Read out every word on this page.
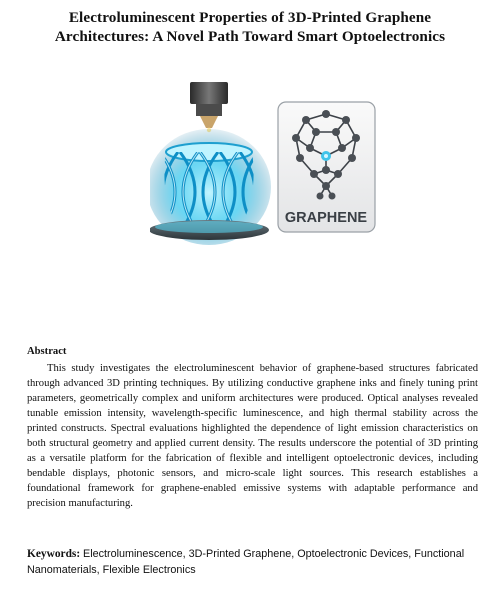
Electroluminescent Properties of 3D-Printed Graphene
Architectures: A Novel Path Toward Smart Optoelectronics
GRAPHENE
Abstract

This study investigates the electroluminescent behavior of graphene-based structures fabricated through advanced 3D printing techniques. By utilizing conductive graphene inks and finely tuning print parameters, geometrically complex and uniform architectures were produced. Optical analyses revealed tunable emission intensity, wavelength-specific luminescence, and high thermal stability across the printed constructs. Spectral evaluations highlighted the dependence of light emission characteristics on both structural geometry and applied current density. The results underscore the potential of 3D printing as a versatile platform for the fabrication of flexible and intelligent optoelectronic devices, including bendable displays, photonic sensors, and micro-scale light sources. This research establishes a foundational framework for graphene-enabled emissive systems with adaptable performance and precision manufacturing.

Keywords: Electroluminescence, 3D-Printed Graphene, Optoelectronic Devices, Functional Nanomaterials, Flexible Electronics
